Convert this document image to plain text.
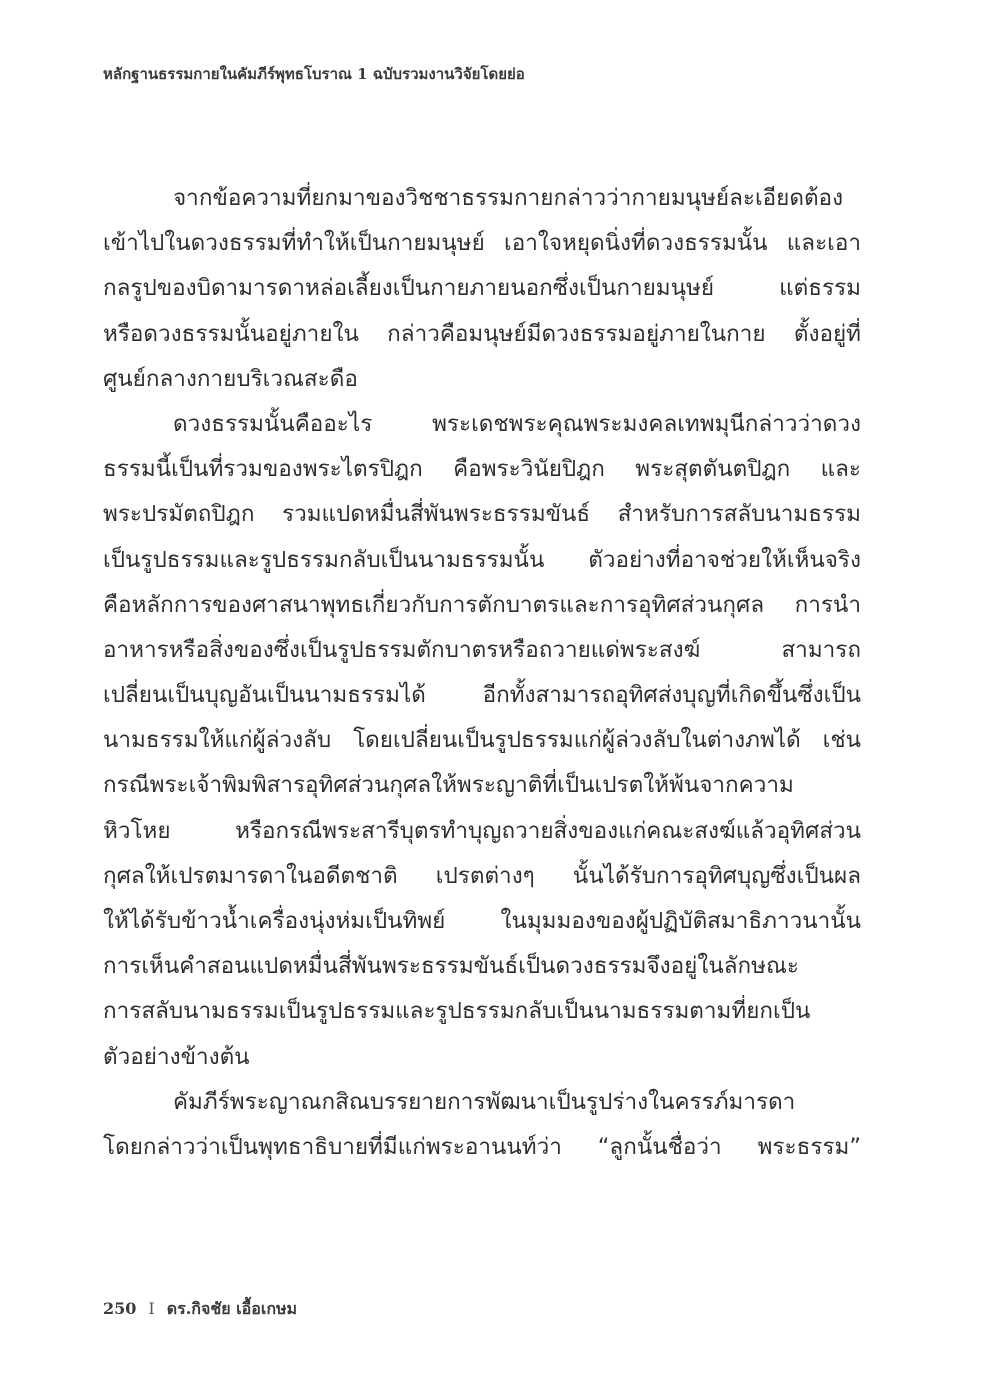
หลักฐานธรรมกายในคัมภีร์พุทธโบราณ 1 ฉบับรวมงานวิจัยโดยย่อ
จากข้อความที่ยกมาของวิชชาธรรมกายกล่าวว่ากายมนุษย์ละเอียดต้อง
เข้าไปในดวงธรรมที่ทำให้เป็นกายมนุษย์ เอาใจหยุดนิ่งที่ดวงธรรมนั้น และเอา
กลรูปของบิดามารดาหล่อเลี้ยงเป็นกายภายนอกซึ่งเป็นกายมนุษย์ แต่ธรรม
หรือดวงธรรมนั้นอยู่ภายใน กล่าวคือมนุษย์มีดวงธรรมอยู่ภายในกาย ตั้งอยู่ที่
ศูนย์กลางกายบริเวณสะดือ
ดวงธรรมนั้นคืออะไร พระเดชพระคุณพระมงคลเทพมุนีกล่าวว่าดวง
ธรรมนี้เป็นที่รวมของพระไตรปิฎก คือพระวินัยปิฎก พระสุตตันตปิฎก และ
พระปรมัตถปิฎก รวมแปดหมื่นสี่พันพระธรรมขันธ์ สำหรับการสลับนามธรรม
เป็นรูปธรรมและรูปธรรมกลับเป็นนามธรรมนั้น ตัวอย่างที่อาจช่วยให้เห็นจริง
คือหลักการของศาสนาพุทธเกี่ยวกับการตักบาตรและการอุทิศส่วนกุศล การนำ
อาหารหรือสิ่งของซึ่งเป็นรูปธรรมตักบาตรหรือถวายแด่พระสงฆ์ สามารถ
เปลี่ยนเป็นบุญอันเป็นนามธรรมได้ อีกทั้งสามารถอุทิศส่งบุญที่เกิดขึ้นซึ่งเป็น
นามธรรมให้แก่ผู้ล่วงลับ โดยเปลี่ยนเป็นรูปธรรมแก่ผู้ล่วงลับในต่างภพได้ เช่น
กรณีพระเจ้าพิมพิสารอุทิศส่วนกุศลให้พระญาติที่เป็นเปรตให้พ้นจากความ
หิวโหย หรือกรณีพระสารีบุตรทำบุญถวายสิ่งของแก่คณะสงฆ์แล้วอุทิศส่วน
กุศลให้เปรตมารดาในอดีตชาติ เปรตต่างๆ นั้นได้รับการอุทิศบุญซึ่งเป็นผล
ให้ได้รับข้าวน้ำเครื่องนุ่งห่มเป็นทิพย์ ในมุมมองของผู้ปฏิบัติสมาธิภาวนานั้น
การเห็นคำสอนแปดหมื่นสี่พันพระธรรมขันธ์เป็นดวงธรรมจึงอยู่ในลักษณะ
การสลับนามธรรมเป็นรูปธรรมและรูปธรรมกลับเป็นนามธรรมตามที่ยกเป็น
ตัวอย่างข้างต้น
คัมภีร์พระญาณกสิณบรรยายการพัฒนาเป็นรูปร่างในครรภ์มารดา
โดยกล่าวว่าเป็นพุทธาธิบายที่มีแก่พระอานนท์ว่า “ลูกนั้นชื่อว่า พระธรรม”
250 I ดร.กิจชัย เอื้อเกษม
